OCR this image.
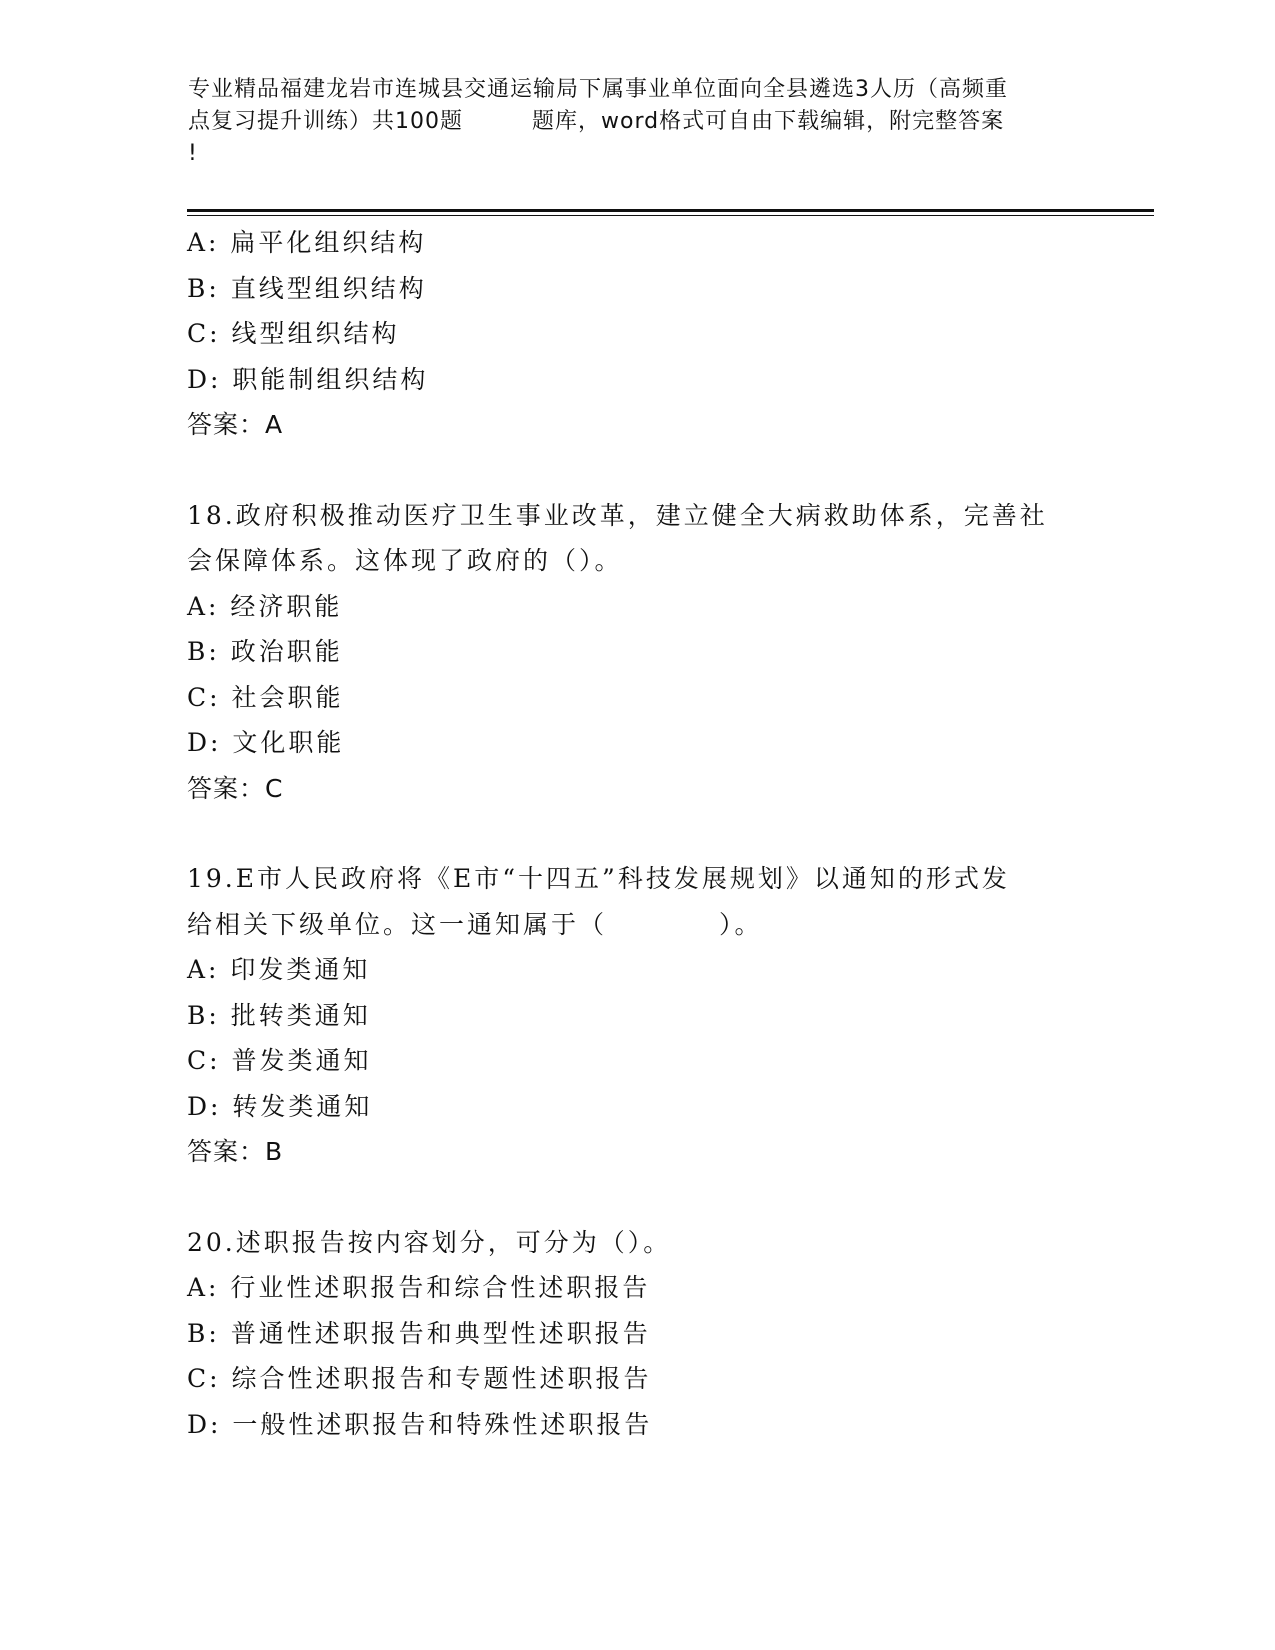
专业精品福建龙岩市连城县交通运输局下属事业单位面向全县遴选3人历（高频重
点复习提升训练）共100题　　　题库，word格式可自由下载编辑，附完整答案
!
A: 扁平化组织结构
B: 直线型组织结构
C: 线型组织结构
D: 职能制组织结构
答案：A
18.政府积极推动医疗卫生事业改革，建立健全大病救助体系，完善社
会保障体系。这体现了政府的（）。
A: 经济职能
B: 政治职能
C: 社会职能
D: 文化职能
答案：C
19.E市人民政府将《E市“十四五”科技发展规划》以通知的形式发
给相关下级单位。这一通知属于（　　　　）。
A: 印发类通知
B: 批转类通知
C: 普发类通知
D: 转发类通知
答案：B
20.述职报告按内容划分，可分为（）。
A: 行业性述职报告和综合性述职报告
B: 普通性述职报告和典型性述职报告
C: 综合性述职报告和专题性述职报告
D: 一般性述职报告和特殊性述职报告
